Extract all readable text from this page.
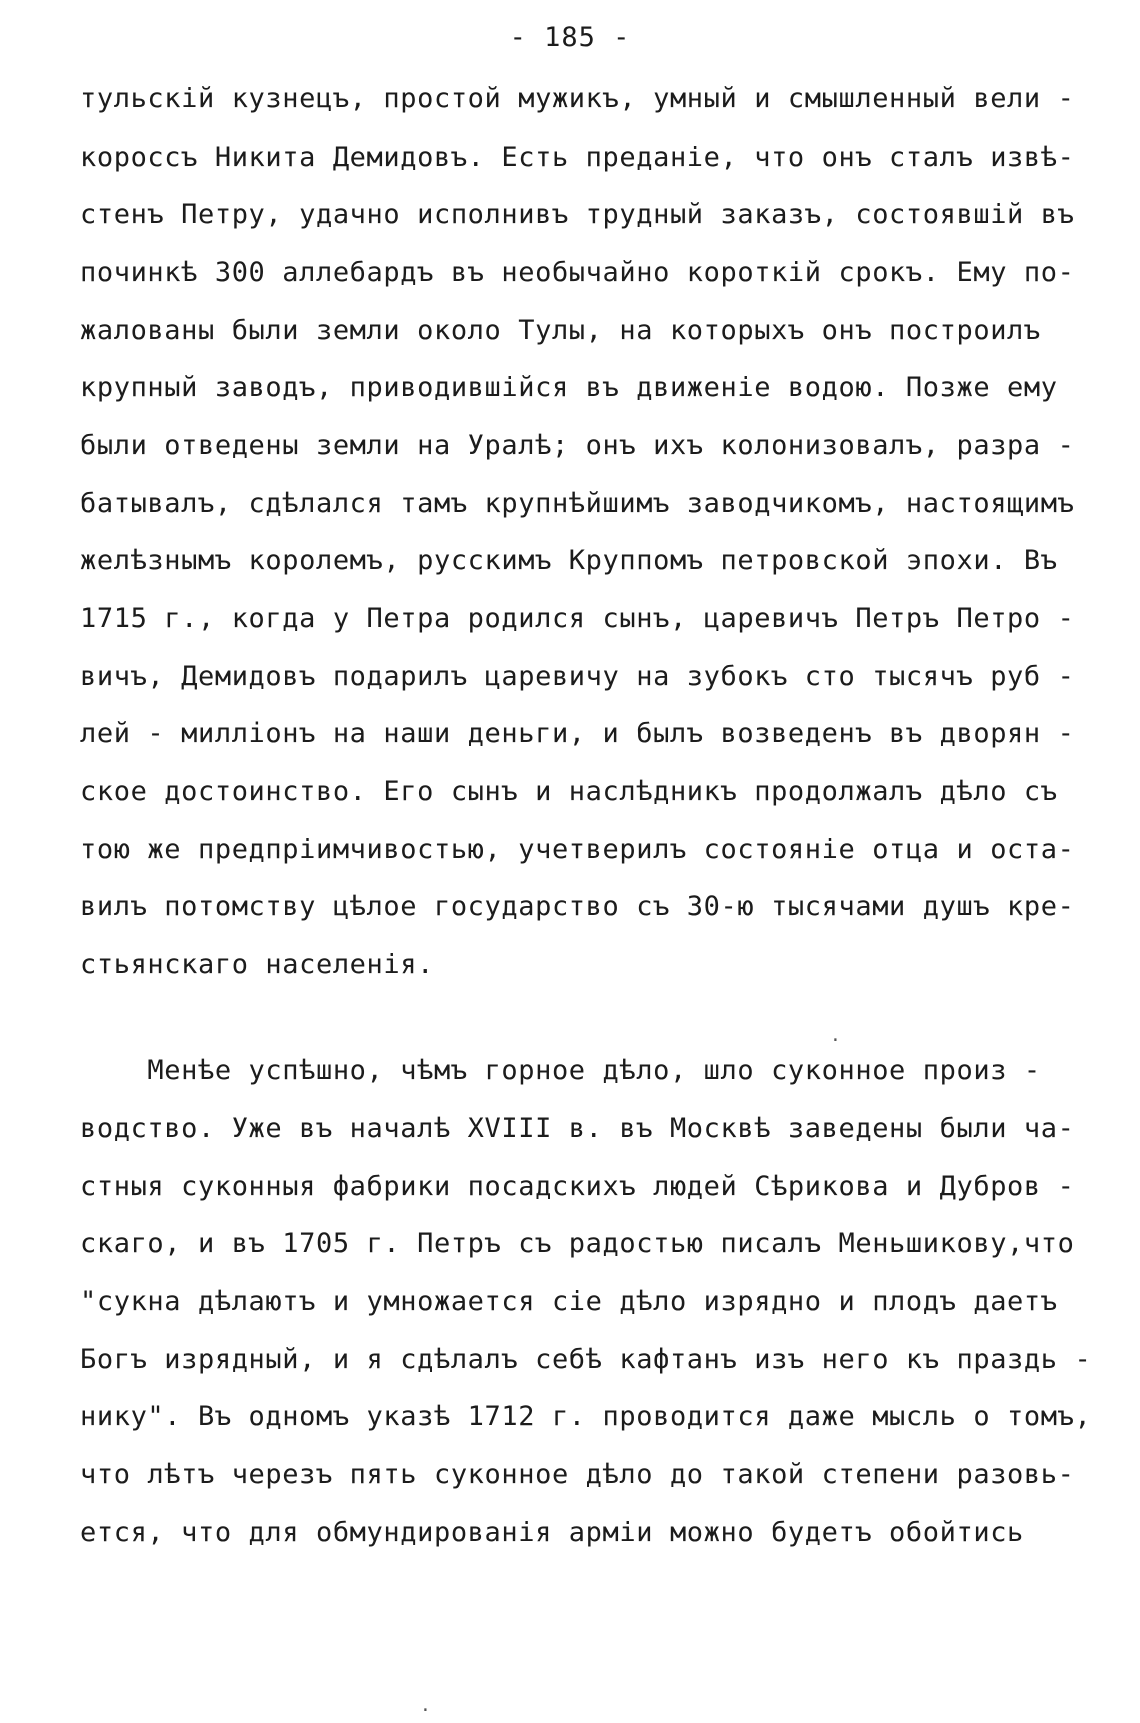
- 185 -
тульскій кузнецъ, простой мужикъ, умный и смышленный вели -
короссъ Никита Демидовъ. Есть преданіе, что онъ сталъ извѣ-
стенъ Петру, удачно исполнивъ трудный заказъ, состоявшій въ
починкѣ 300 аллебардъ въ необычайно короткій срокъ. Ему по-
жалованы были земли около Тулы, на которыхъ онъ построилъ
крупный заводъ, приводившійся въ движеніе водою. Позже ему
были отведены земли на Уралѣ; онъ ихъ колонизовалъ, разра -
батывалъ, сдѣлался тамъ крупнѣйшимъ заводчикомъ, настоящимъ
желѣзнымъ королемъ, русскимъ Круппомъ петровской эпохи. Въ
1715 г., когда у Петра родился сынъ, царевичъ Петръ Петро -
вичъ, Демидовъ подарилъ царевичу на зубокъ сто тысячъ руб -
лей - миллiонъ на наши деньги, и былъ возведенъ въ дворян -
ское достоинство. Его сынъ и наслѣдникъ продолжалъ дѣло съ
тою же предпріимчивостью, учетверилъ состояніе отца и оста-
вилъ потомству цѣлое государство съ 30-ю тысячами душъ кре-
стьянскаго населенія.
Менѣе успѣшно, чѣмъ горное дѣло, шло суконное произ -
водство. Уже въ началѣ XVIII в. въ Москвѣ заведены были ча-
стныя суконныя фабрики посадскихъ людей Сѣрикова и Дубров -
скаго, и въ 1705 г. Петръ съ радостью писалъ Меньшикову,что
"сукна дѣлаютъ и умножается сіе дѣло изрядно и плодъ даетъ
Богъ изрядный, и я сдѣлалъ себѣ кафтанъ изъ него къ праздь -
нику". Въ одномъ указѣ 1712 г. проводится даже мысль о томъ,
что лѣтъ черезъ пять суконное дѣло до такой степени разовь-
ется, что для обмундированія арміи можно будетъ обойтись
·
·
